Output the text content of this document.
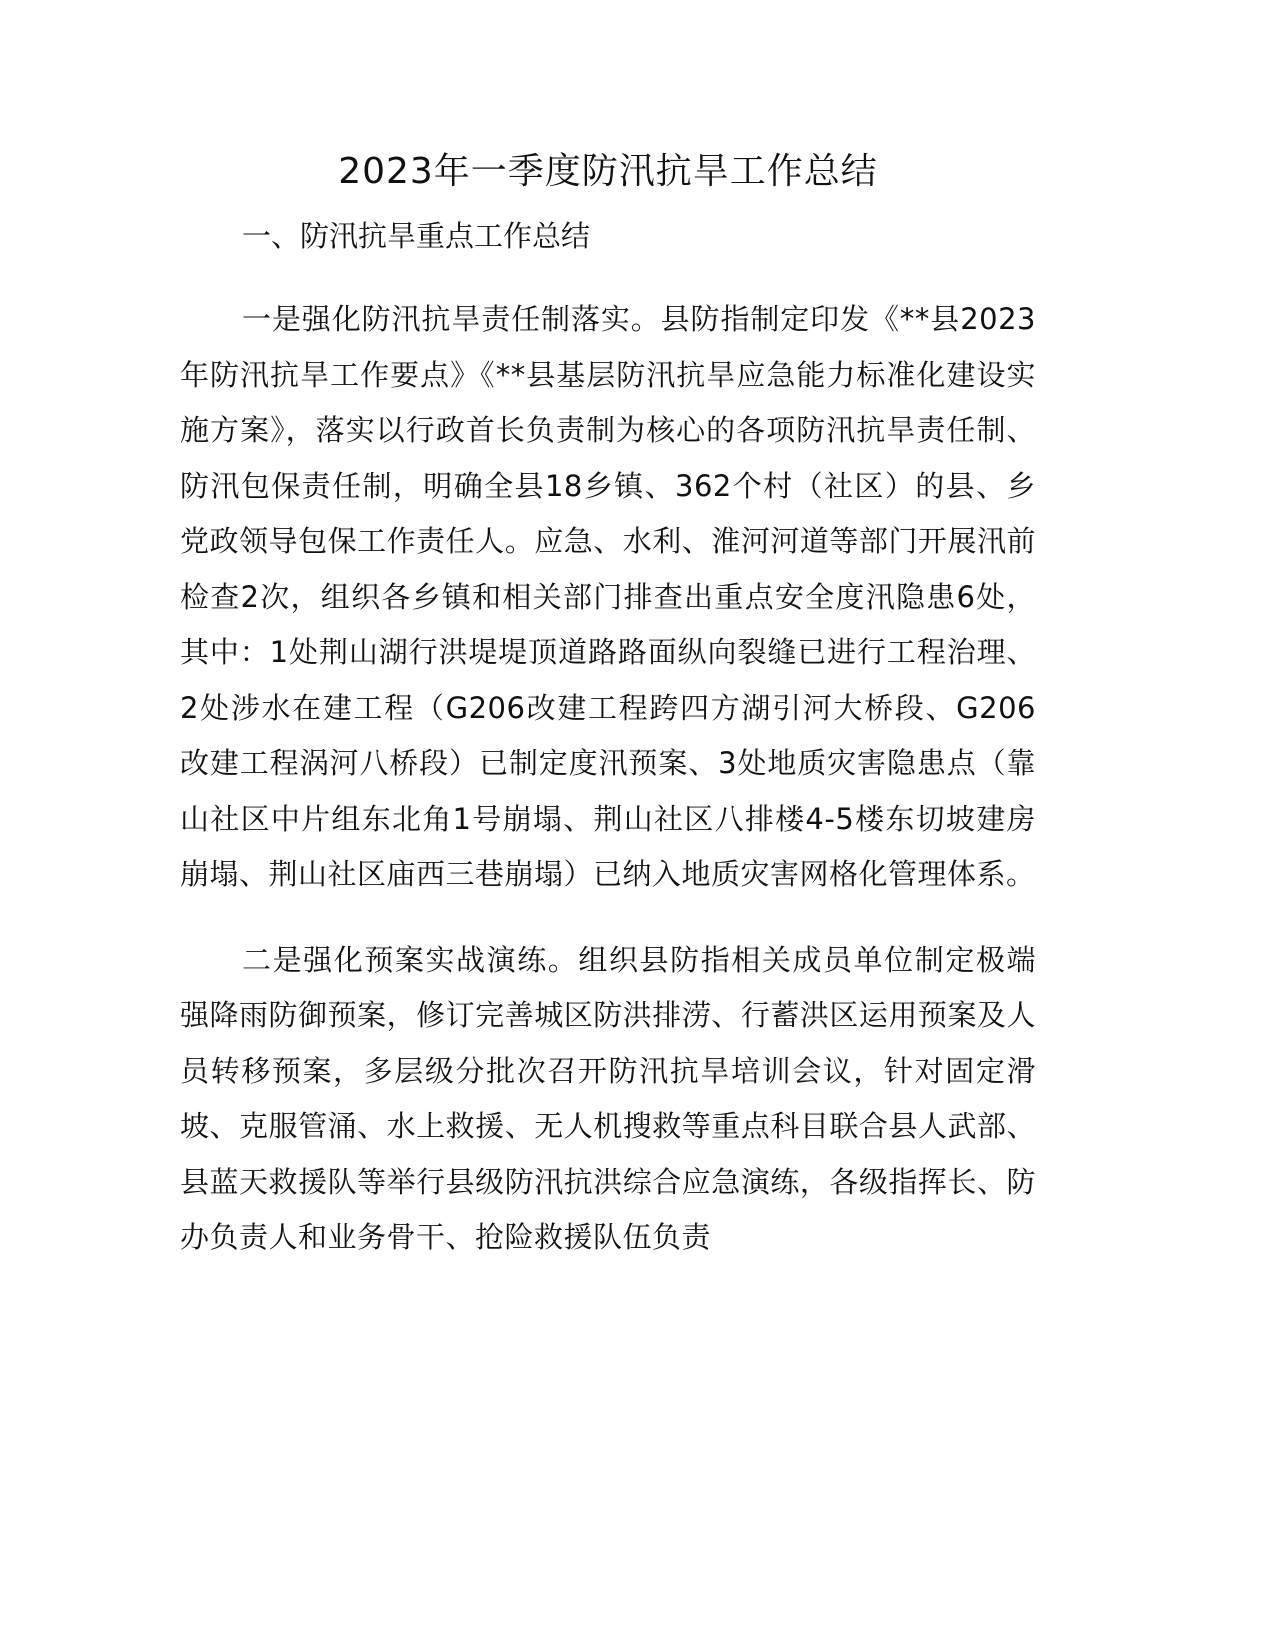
2023年一季度防汛抗旱工作总结
一、防汛抗旱重点工作总结

一是强化防汛抗旱责任制落实。县防指制定印发《**县2023年防汛抗旱工作要点》《**县基层防汛抗旱应急能力标准化建设实施方案》，落实以行政首长负责制为核心的各项防汛抗旱责任制、防汛包保责任制，明确全县18乡镇、362个村（社区）的县、乡党政领导包保工作责任人。应急、水利、淮河河道等部门开展汛前检查2次，组织各乡镇和相关部门排查出重点安全度汛隐患6处，其中：1处荆山湖行洪堤堤顶道路路面纵向裂缝已进行工程治理、2处涉水在建工程（G206改建工程跨四方湖引河大桥段、G206改建工程涡河八桥段）已制定度汛预案、3处地质灾害隐患点（靠山社区中片组东北角1号崩塌、荆山社区八排楼4-5楼东切坡建房崩塌、荆山社区庙西三巷崩塌）已纳入地质灾害网格化管理体系。

二是强化预案实战演练。组织县防指相关成员单位制定极端强降雨防御预案，修订完善城区防洪排涝、行蓄洪区运用预案及人员转移预案，多层级分批次召开防汛抗旱培训会议，针对固定滑坡、克服管涌、水上救援、无人机搜救等重点科目联合县人武部、县蓝天救援队等举行县级防汛抗洪综合应急演练，各级指挥长、防办负责人和业务骨干、抢险救援队伍负责
